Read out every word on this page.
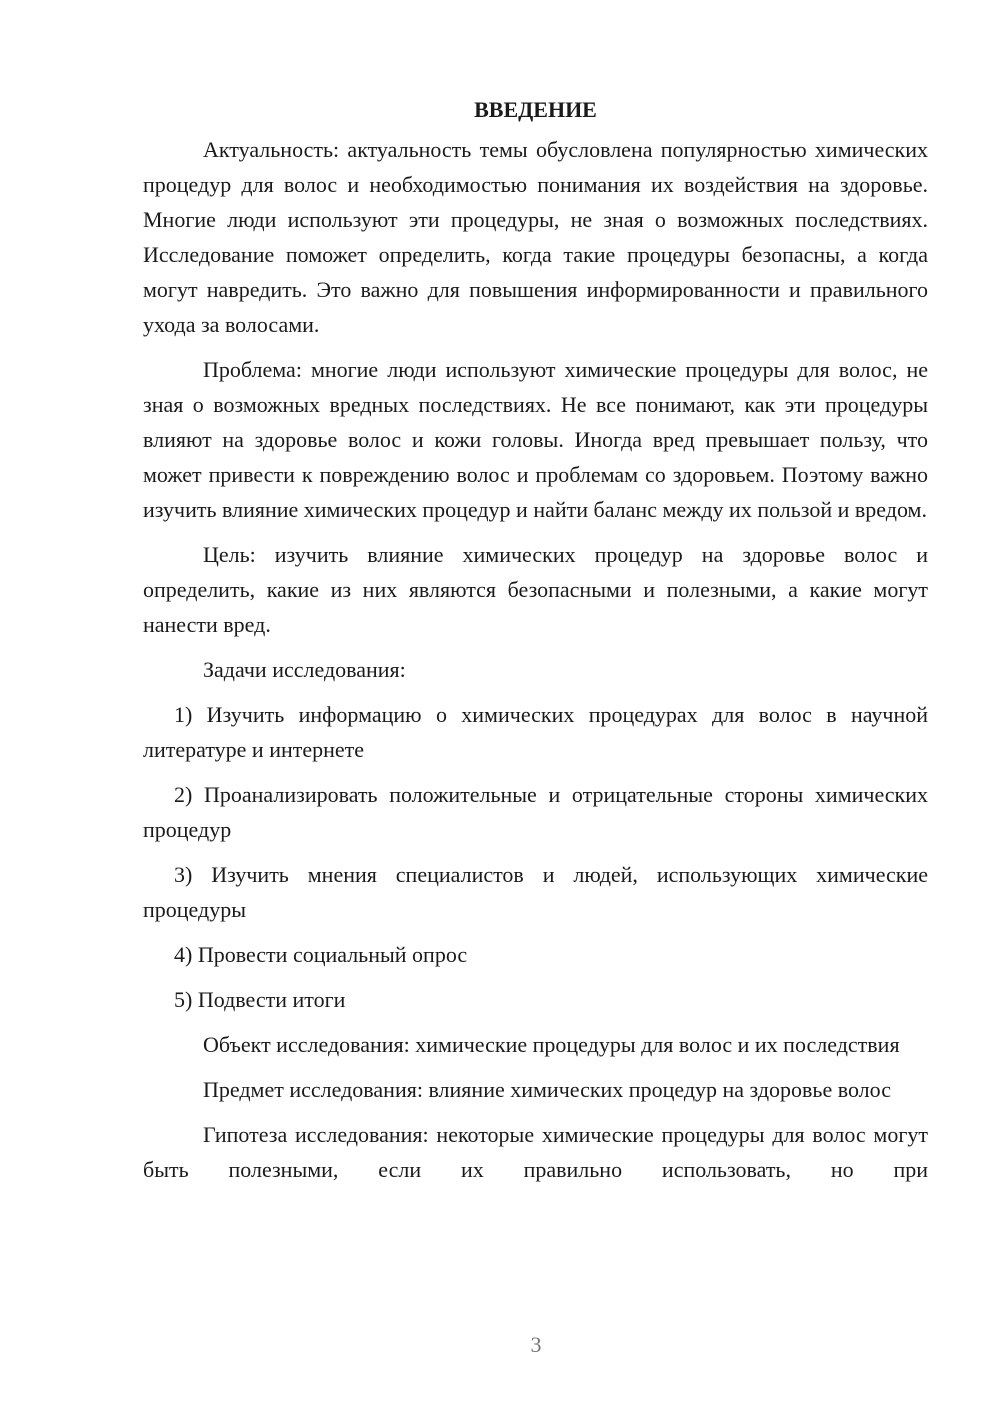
ВВЕДЕНИЕ

Актуальность: актуальность темы обусловлена популярностью химических процедур для волос и необходимостью понимания их воздействия на здоровье. Многие люди используют эти процедуры, не зная о возможных последствиях. Исследование поможет определить, когда такие процедуры безопасны, а когда могут навредить. Это важно для повышения информированности и правильного ухода за волосами.

Проблема: многие люди используют химические процедуры для волос, не зная о возможных вредных последствиях. Не все понимают, как эти процедуры влияют на здоровье волос и кожи головы. Иногда вред превышает пользу, что может привести к повреждению волос и проблемам со здоровьем. Поэтому важно изучить влияние химических процедур и найти баланс между их пользой и вредом.

Цель: изучить влияние химических процедур на здоровье волос и определить, какие из них являются безопасными и полезными, а какие могут нанести вред.

Задачи исследования:

1) Изучить информацию о химических процедурах для волос в научной литературе и интернете

2) Проанализировать положительные и отрицательные стороны химических процедур

3) Изучить мнения специалистов и людей, использующих химические процедуры

4) Провести социальный опрос

5) Подвести итоги

Объект исследования: химические процедуры для волос и их последствия

Предмет исследования: влияние химических процедур на здоровье волос

Гипотеза исследования: некоторые химические процедуры для волос могут быть полезными, если их правильно использовать, но при

3
